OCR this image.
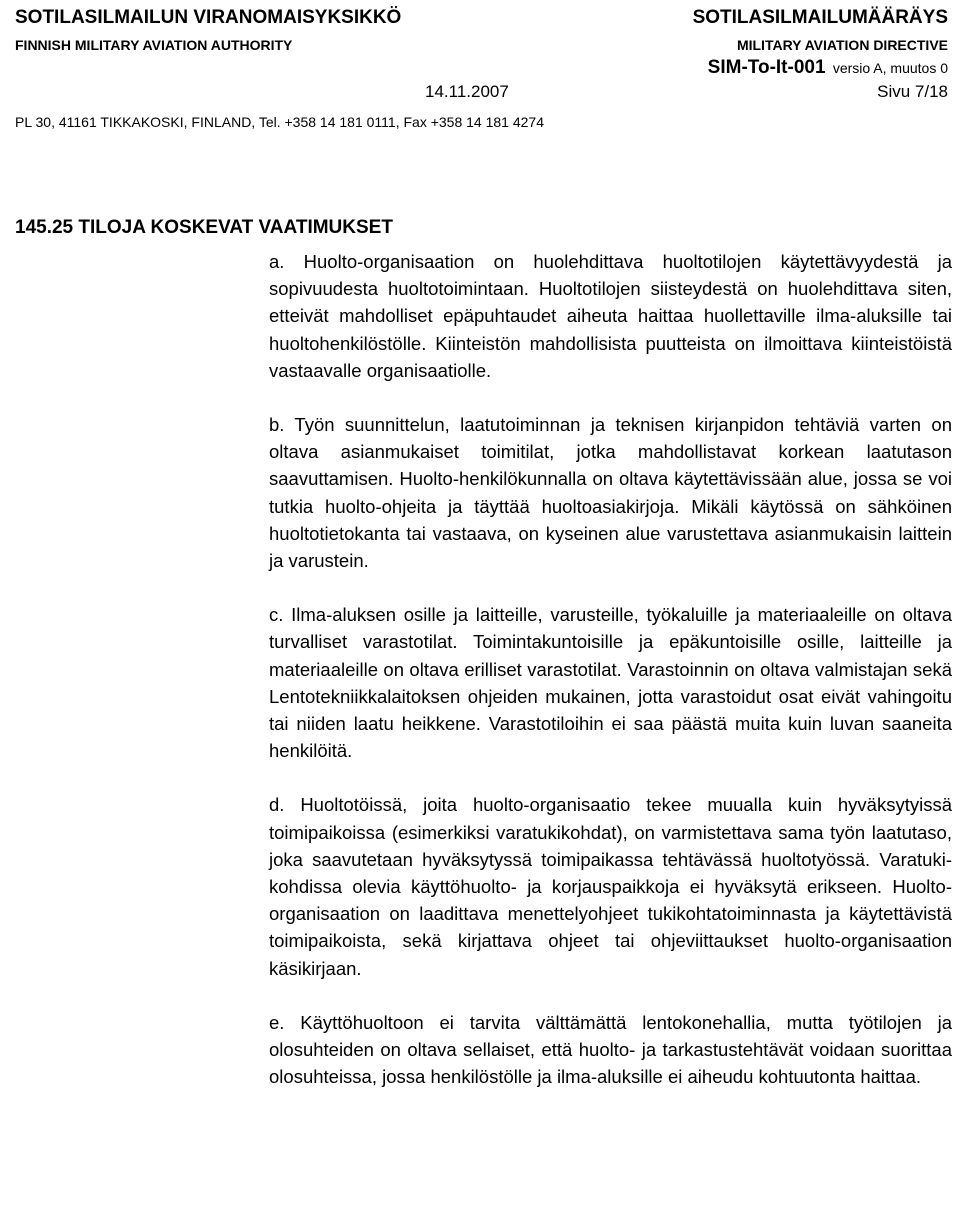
SOTILASILMAILUN VIRANOMAISYKSIKKÖ
FINNISH MILITARY AVIATION AUTHORITY
SOTILASILMAILUMÄÄRÄYS
MILITARY AVIATION DIRECTIVE
SIM-To-It-001 versio A, muutos 0
14.11.2007	Sivu 7/18
PL 30, 41161 TIKKAKOSKI, FINLAND, Tel. +358 14 181 0111, Fax +358 14 181 4274
145.25 TILOJA KOSKEVAT VAATIMUKSET

a. Huolto-organisaation on huolehdittava huoltotilojen käytettävyydestä ja sopivuudesta huoltotoimintaan. Huoltotilojen siisteydestä on huolehdittava siten, etteivät mahdolliset epäpuhtaudet aiheuta haittaa huollettaville ilma-aluksille tai huoltohenkilöstölle. Kiinteistön mahdollisista puutteista on ilmoittava kiinteistöistä vastaavalle organisaatiolle.

b. Työn suunnittelun, laatutoiminnan ja teknisen kirjanpidon tehtäviä varten on oltava asianmukaiset toimitilat, jotka mahdollistavat korkean laatutason saavuttamisen. Huolto-henkilökunnalla on oltava käytettävissään alue, jossa se voi tutkia huolto-ohjeita ja täyttää huoltoasiakirjoja. Mikäli käytössä on sähköinen huoltotietokanta tai vastaava, on kyseinen alue varustettava asianmukaisin laittein ja varustein.

c. Ilma-aluksen osille ja laitteille, varusteille, työkaluille ja materiaaleille on oltava turvalliset varastotilat. Toimintakuntoisille ja epäkuntoisille osille, laitteille ja materiaaleille on oltava erilliset varastotilat. Varastoinnin on oltava valmistajan sekä Lentotekniikkalaitoksen ohjeiden mukainen, jotta varastoidut osat eivät vahingoitu tai niiden laatu heikkene. Varastotiloihin ei saa päästä muita kuin luvan saaneita henkilöitä.

d. Huoltotöissä, joita huolto-organisaatio tekee muualla kuin hyväksytyissä toimipaikoissa (esimerkiksi varatukikohdat), on varmistettava sama työn laatutaso, joka saavutetaan hyväksytyssä toimipaikassa tehtävässä huoltotyössä. Varatuki-kohdissa olevia käyttöhuolto- ja korjauspaikkoja ei hyväksytä erikseen. Huolto-organisaation on laadittava menettelyohjeet tukikohtatoiminnasta ja käytettävistä toimipaikoista, sekä kirjattava ohjeet tai ohjeviittaukset huolto-organisaation käsikirjaan.

e. Käyttöhuoltoon ei tarvita välttämättä lentokonehallia, mutta työtilojen ja olosuhteiden on oltava sellaiset, että huolto- ja tarkastustehtävät voidaan suorittaa olosuhteissa, jossa henkilöstölle ja ilma-aluksille ei aiheudu kohtuutonta haittaa.
